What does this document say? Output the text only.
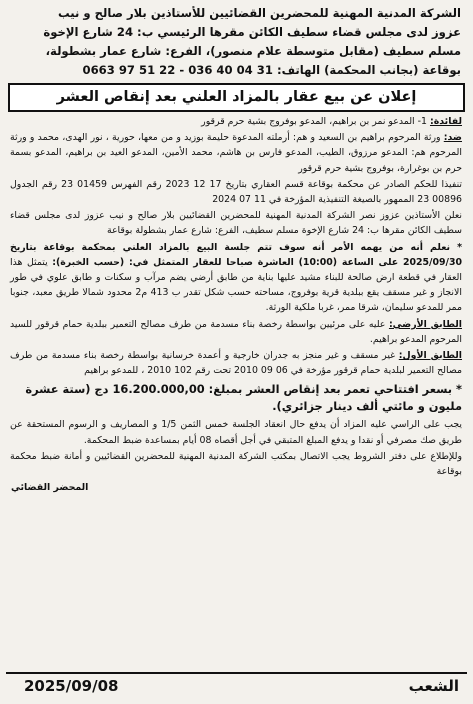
الشركة المدنية المهنية للمحضرين القضائيين للأستاذين بلار صالح و نيب
عزوز لدى مجلس قضاء سطيف الكائن مقرها الرئيسي ب: 24 شارع الإخوة
مسلم سطيف (مقابل متوسطة علام منصور)، الفرع: شارع عمار بشطولة،
بوقاعة (بجانب المحكمة) الهاتف: 0663 97 51 22 - 036 40 04 31
إعلان عن بيع عقار بالمزاد العلني بعد إنقاص العشر

لفائدة: 1- المدعو نمر بن براهيم، المدعو بوفروج بشية حرم قرقور

ضد: ورثة المرحوم براهيم بن السعيد و هم: أرملته المدعوة حليمة بوزيد و من معها، حورية ، نور الهدى، محمد و ورثة المرحوم هم: المدعو مرزوق، الطيب، المدعو فارس بن هاشم، محمد الأمين، المدعو العيد بن براهيم، المدعو بسمة حرم بن بوغرارة، بوفروج بشية حرم قرقور

تنفيذا للحكم الصادر عن محكمة بوقاعة قسم العقاري بتاريخ 17 12 2023 رقم الفهرس 01459 23 رقم الجدول 00896 23 الممهور بالصيغة التنفيذية المؤرخة في 11 07 2024

نعلن الأستاذين عزوز نصر الشركة المدنية المهنية للمحضرين القضائيين بلار صالح و نيب عزوز لدى مجلس قضاء سطيف الكائن مقرها ب: 24 شارع الإخوة مسلم سطيف، الفرع: شارع عمار بشطولة بوقاعة

* نعلم أنه من يهمه الأمر أنه سوف تتم جلسة البيع بالمزاد العلني بمحكمة بوقاعة بتاريخ 2025/09/30 على الساعة (10:00) العاشرة صباحا للعقار المتمثل في: (حسب الخبرة): يتمثل هذا العقار في قطعة ارض صالحة للبناء مشيد عليها بناية من طابق أرضي يضم مرآب و سكنات و طابق علوي في طور الانجاز و غير مسقف يقع ببلدية قرية بوفروج، مساحته حسب شكل تقدر ب 413 م2 محدود شمالا طريق معبد، جنوبا ممر للمدعو سليمان، شرقا ممر، غربا ملكية الورثة.

الطابق الأرضي: عليه على مرئيين بواسطة رخصة بناء مسدمة من طرف مصالح التعمير ببلدية حمام قرقور للسيد المرحوم المدعو براهيم.

الطابق الأول: غير مسقف و غير منجز به جدران خارجية و أعمدة خرسانية بواسطة رخصة بناء مسدمة من طرف مصالح التعمير لبلدية حمام قرقور مؤرخة في 06 09 2010 تحت رقم 102 2010 ، للمدعو براهيم

* بسعر افتتاحي تعمر بعد إنقاص العشر بمبلغ: 16.200.000,00 دج (ستة عشرة مليون و مائتي ألف دينار جزائري).

يجب على الراسي عليه المزاد أن يدفع حال انعقاد الجلسة خمس الثمن 1/5 و المصاريف و الرسوم المستحقة عن طريق صك مصرفي أو نقدا و يدفع المبلغ المتبقي في أجل أقصاه 08 أيام بمساعدة ضبط المحكمة.

وللإطلاع على دفتر الشروط يجب الاتصال بمكتب الشركة المدنية المهنية للمحضرين القضائيين و أمانة ضبط محكمة بوقاعة

المحضر القضائي
الشعب
2025/09/08
